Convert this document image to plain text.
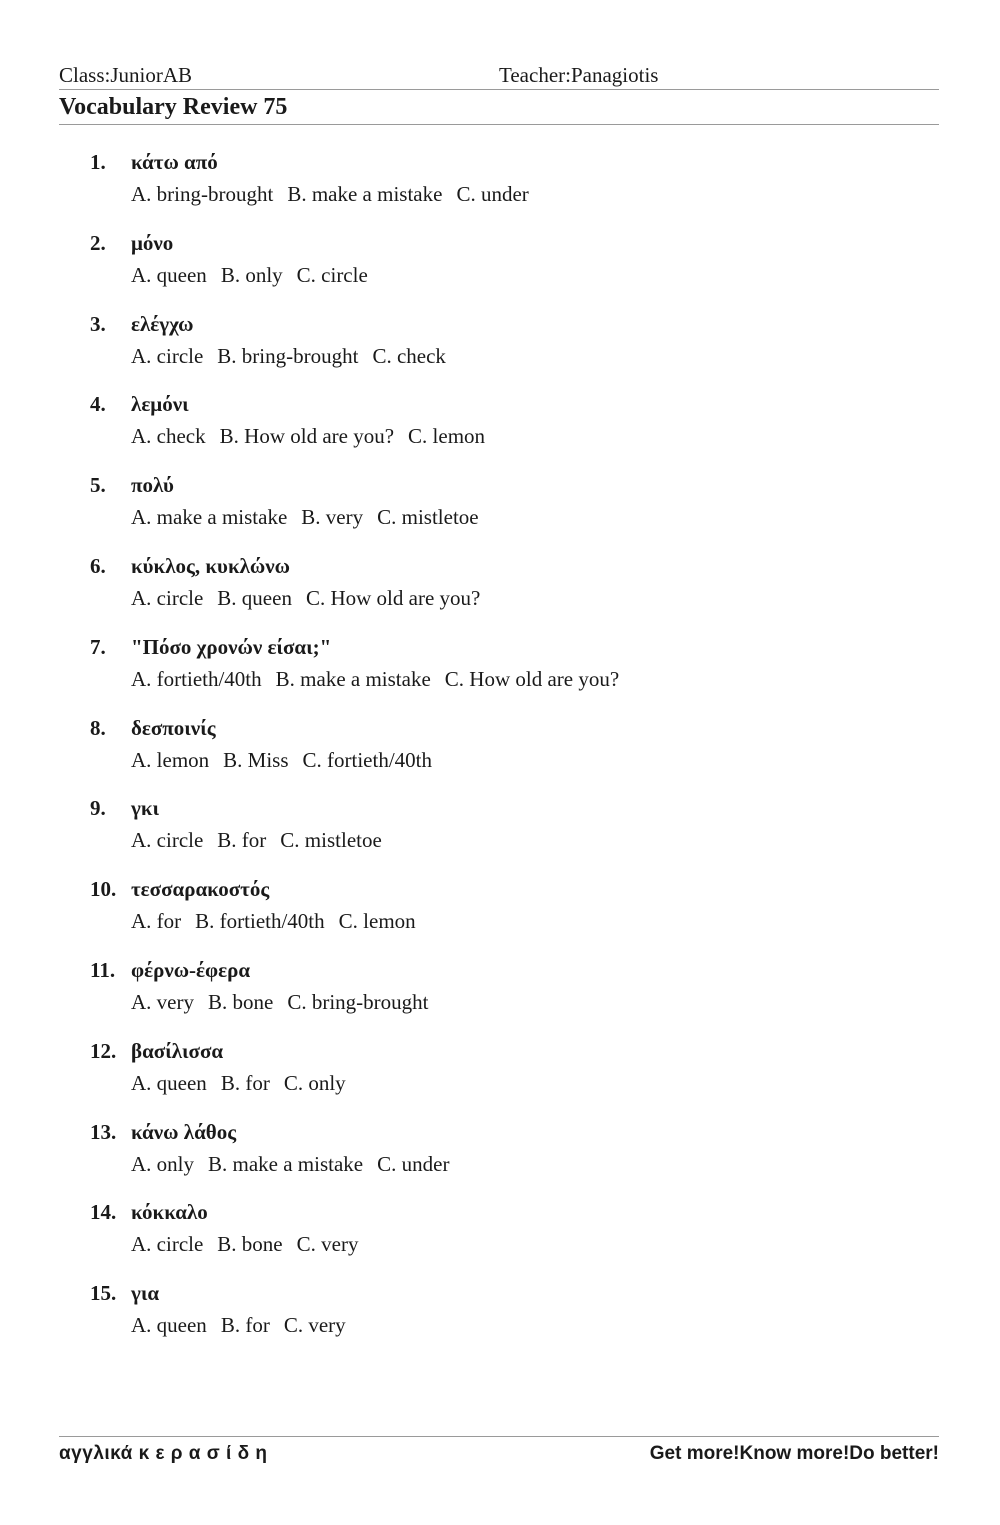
Class:JuniorAB	Teacher:Panagiotis
Vocabulary Review 75
1. κάτω από
A. bring-brought B. make a mistake C. under
2. μόνο
A. queen B. only C. circle
3. ελέγχω
A. circle B. bring-brought C. check
4. λεμόνι
A. check B. How old are you? C. lemon
5. πολύ
A. make a mistake B. very C. mistletoe
6. κύκλος, κυκλώνω
A. circle B. queen C. How old are you?
7. "Πόσο χρονών είσαι;"
A. fortieth/40th B. make a mistake C. How old are you?
8. δεσποινίς
A. lemon B. Miss C. fortieth/40th
9. γκι
A. circle B. for C. mistletoe
10. τεσσαρακοστός
A. for B. fortieth/40th C. lemon
11. φέρνω-έφερα
A. very B. bone C. bring-brought
12. βασίλισσα
A. queen B. for C. only
13. κάνω λάθος
A. only B. make a mistake C. under
14. κόκκαλο
A. circle B. bone C. very
15. για
A. queen B. for C. very
αγγλικά κ ε ρ α σ ί δ η	Get more!Know more!Do better!
